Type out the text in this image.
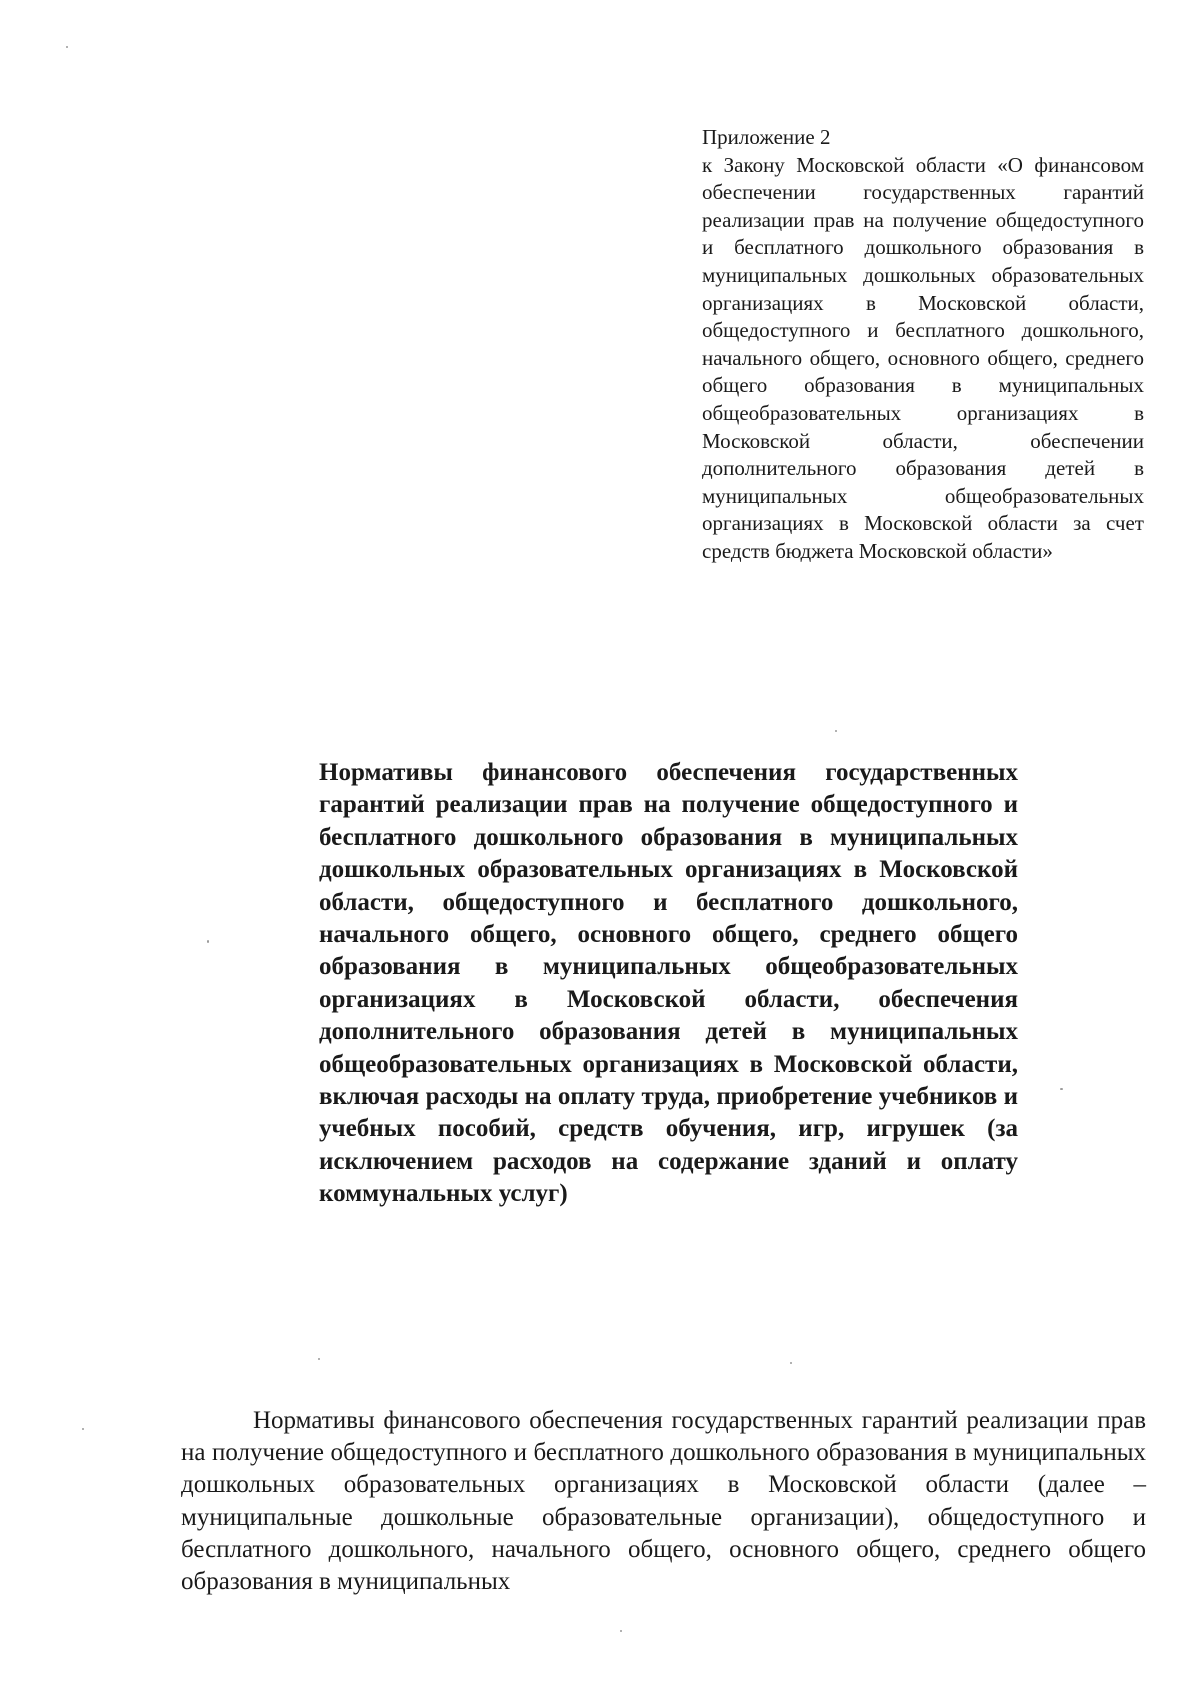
Приложение 2
к Закону Московской области «О финансовом обеспечении государственных гарантий реализации прав на получение общедоступного и бесплатного дошкольного образования в муниципальных дошкольных образовательных организациях в Московской области, общедоступного и бесплатного дошкольного, начального общего, основного общего, среднего общего образования в муниципальных общеобразовательных организациях в Московской области, обеспечении дополнительного образования детей в муниципальных общеобразовательных организациях в Московской области за счет средств бюджета Московской области»
Нормативы финансового обеспечения государственных гарантий реализации прав на получение общедоступного и бесплатного дошкольного образования в муниципальных дошкольных образовательных организациях в Московской области, общедоступного и бесплатного дошкольного, начального общего, основного общего, среднего общего образования в муниципальных общеобразовательных организациях в Московской области, обеспечения дополнительного образования детей в муниципальных общеобразовательных организациях в Московской области, включая расходы на оплату труда, приобретение учебников и учебных пособий, средств обучения, игр, игрушек (за исключением расходов на содержание зданий и оплату коммунальных услуг)
Нормативы финансового обеспечения государственных гарантий реализации прав на получение общедоступного и бесплатного дошкольного образования в муниципальных дошкольных образовательных организациях в Московской области (далее – муниципальные дошкольные образовательные организации), общедоступного и бесплатного дошкольного, начального общего, основного общего, среднего общего образования в муниципальных
